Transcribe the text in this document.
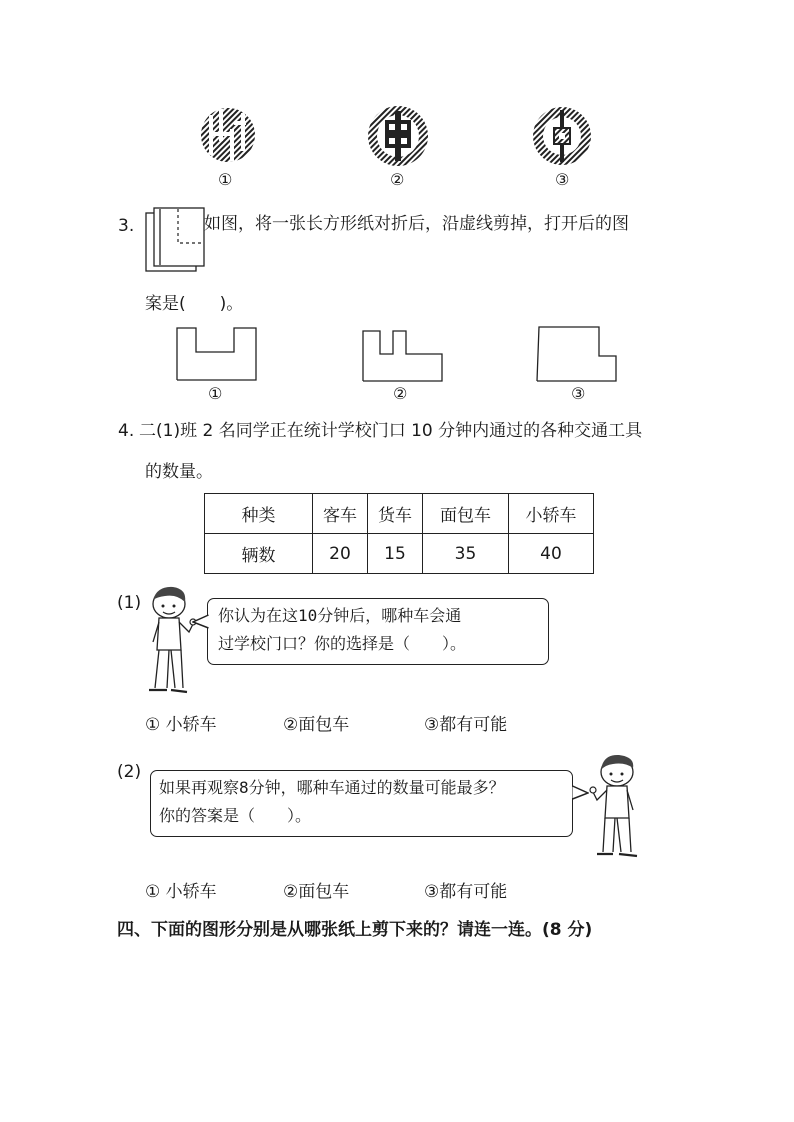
①	②	③
3.	如图，将一张长方形纸对折后，沿虚线剪掉，打开后的图
案是(　　)。
①	②	③
4. 二(1)班 2 名同学正在统计学校门口 10 分钟内通过的各种交通工具
的数量。
种类	客车	货车	面包车	小轿车
辆数	20	15	35	40
(1)

你认为在这10分钟后，哪种车会通

过学校门口？你的选择是（　　）。

① 小轿车	②面包车	③都有可能
(2)

如果再观察8分钟，哪种车通过的数量可能最多？

你的答案是（　　）。

① 小轿车	②面包车	③都有可能
四、下面的图形分别是从哪张纸上剪下来的？请连一连。(8 分)
